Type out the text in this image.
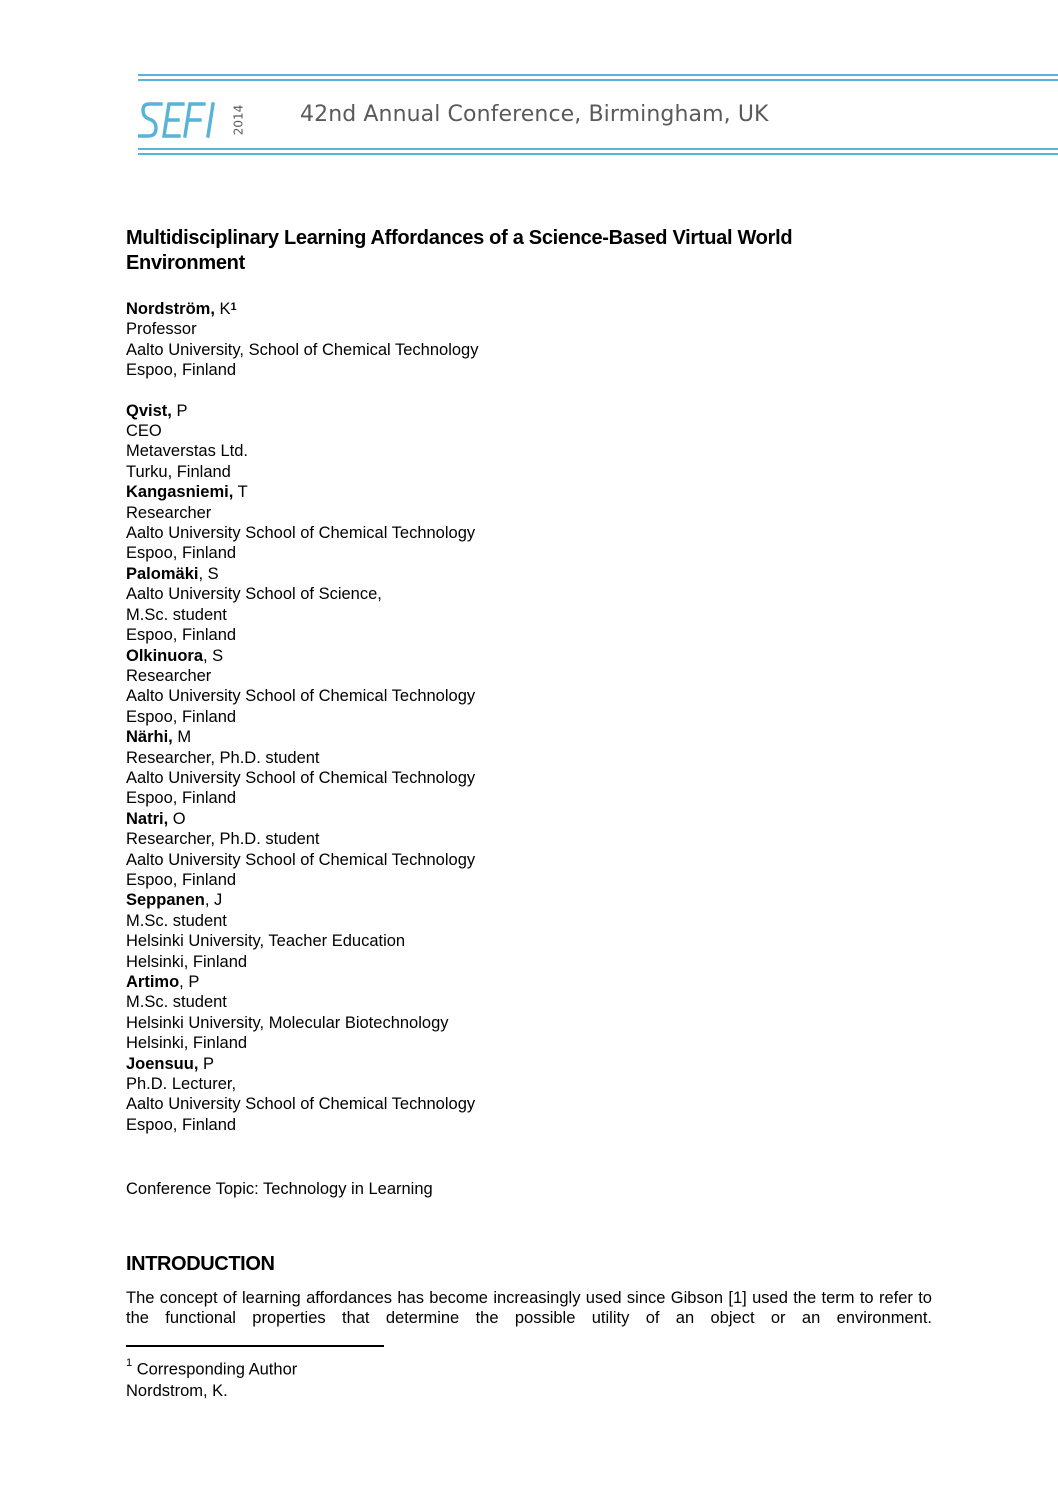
2014 42nd Annual Conference, Birmingham, UK
Multidisciplinary Learning Affordances of a Science-Based Virtual World Environment
Nordström, $K^1$
Professor
Aalto University, School of Chemical Technology
Espoo, Finland
Qvist, P
CEO
Metaverstas Ltd.
Turku, Finland
Kangasniemi, T
Researcher
Aalto University School of Chemical Technology
Espoo, Finland
Palomäki, S
Aalto University School of Science,
M.Sc. student
Espoo, Finland
Olkinuora, S
Researcher
Aalto University School of Chemical Technology
Espoo, Finland
Närhi, M
Researcher, Ph.D. student
Aalto University School of Chemical Technology
Espoo, Finland
Natri, O
Researcher, Ph.D. student
Aalto University School of Chemical Technology
Espoo, Finland
Seppanen, J
M.Sc. student
Helsinki University, Teacher Education
Helsinki, Finland
Artimo, P
M.Sc. student
Helsinki University, Molecular Biotechnology
Helsinki, Finland
Joensuu, P
Ph.D. Lecturer,
Aalto University School of Chemical Technology
Espoo, Finland
Conference Topic: Technology in Learning
INTRODUCTION

The concept of learning affordances has become increasingly used since Gibson [1] used the term to refer to the functional properties that determine the possible utility of an object or an environment.

$^1$ Corresponding Author
Nordstrom, K.
